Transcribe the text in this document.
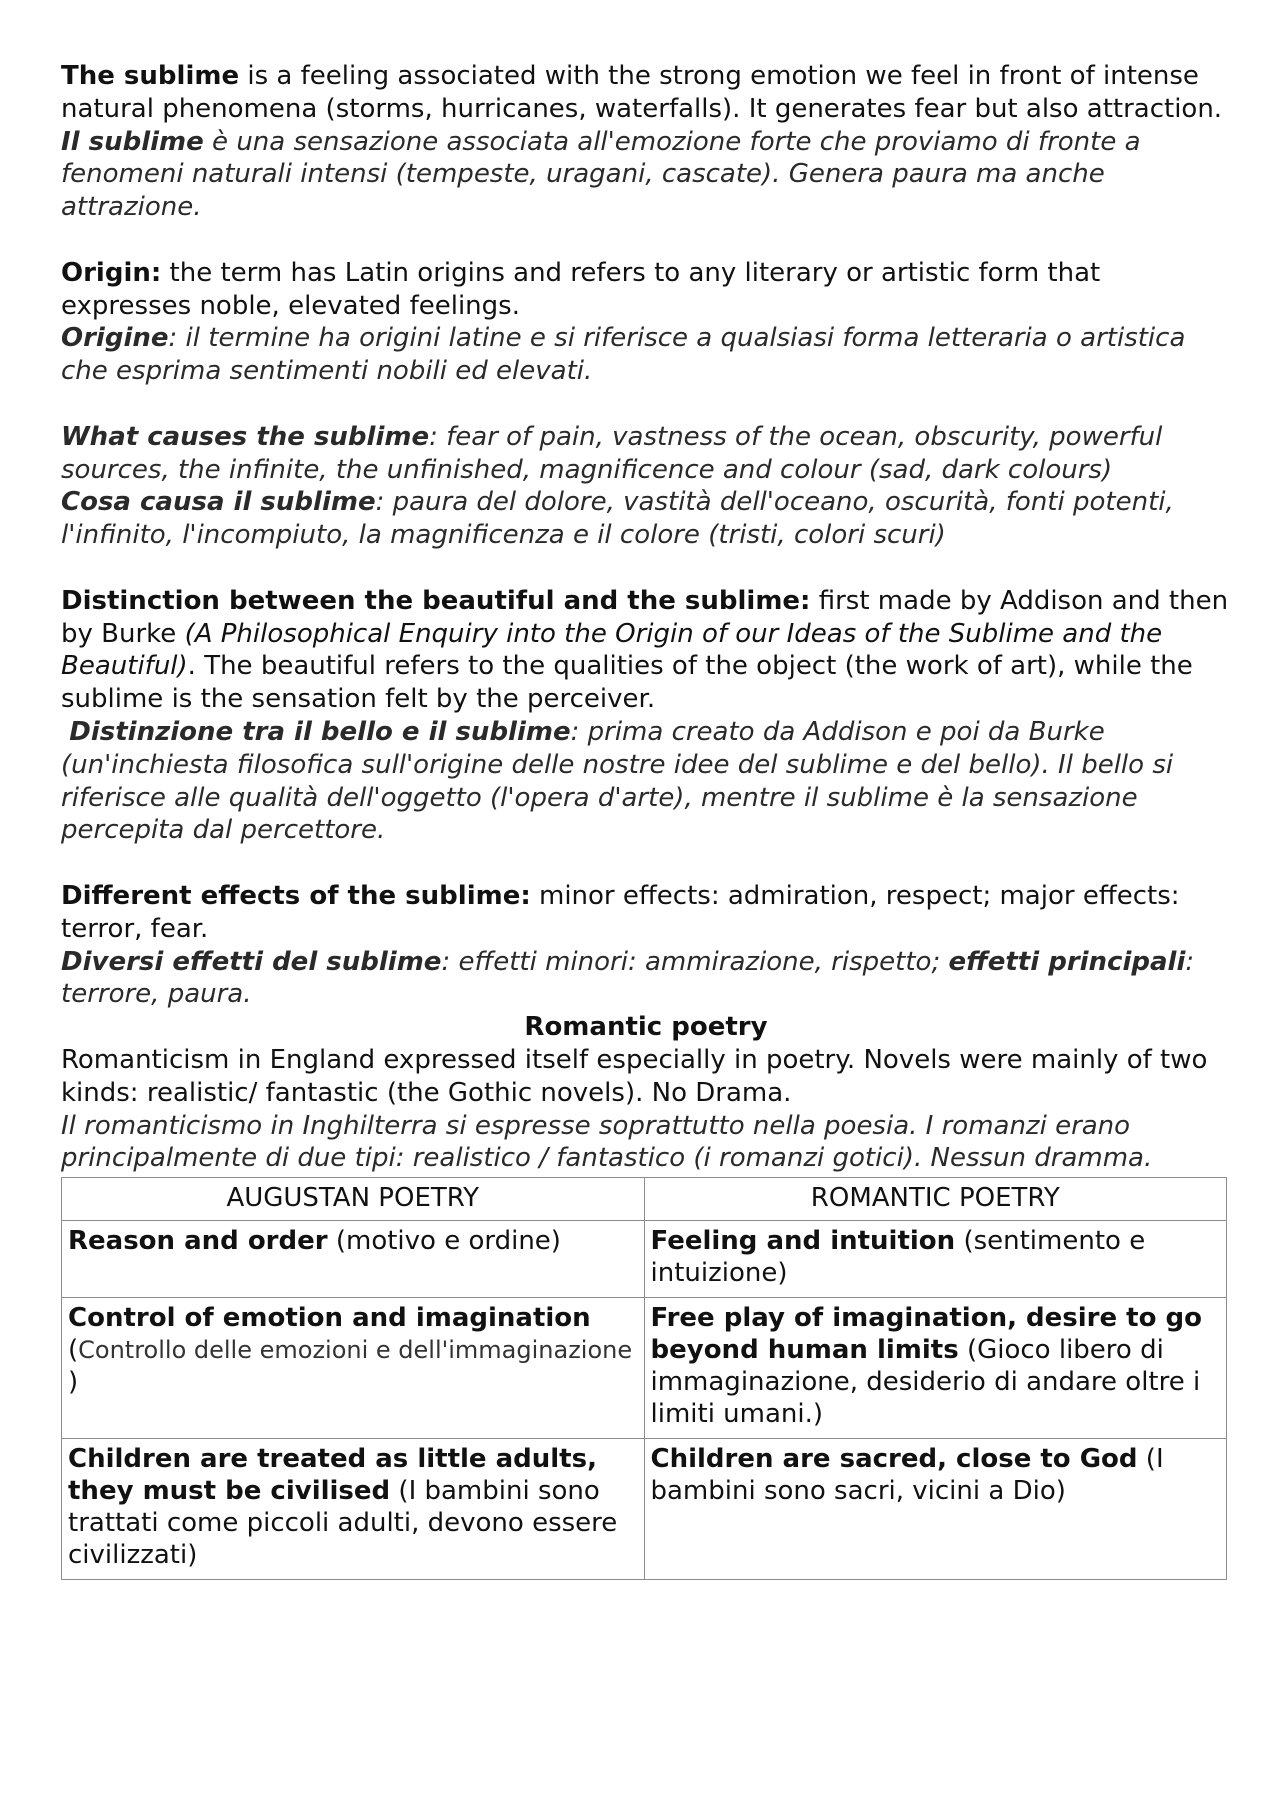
The sublime is a feeling associated with the strong emotion we feel in front of intense natural phenomena (storms, hurricanes, waterfalls). It generates fear but also attraction.

Il sublime è una sensazione associata all'emozione forte che proviamo di fronte a fenomeni naturali intensi (tempeste, uragani, cascate). Genera paura ma anche attrazione.

Origin: the term has Latin origins and refers to any literary or artistic form that expresses noble, elevated feelings.

Origine: il termine ha origini latine e si riferisce a qualsiasi forma letteraria o artistica che esprima sentimenti nobili ed elevati.

What causes the sublime: fear of pain, vastness of the ocean, obscurity, powerful sources, the infinite, the unfinished, magnificence and colour (sad, dark colours)

Cosa causa il sublime: paura del dolore, vastità dell'oceano, oscurità, fonti potenti, l'infinito, l'incompiuto, la magnificenza e il colore (tristi, colori scuri)

Distinction between the beautiful and the sublime: first made by Addison and then by Burke (A Philosophical Enquiry into the Origin of our Ideas of the Sublime and the Beautiful). The beautiful refers to the qualities of the object (the work of art), while the sublime is the sensation felt by the perceiver.

Distinzione tra il bello e il sublime: prima creato da Addison e poi da Burke (un'inchiesta filosofica sull'origine delle nostre idee del sublime e del bello). Il bello si riferisce alle qualità dell'oggetto (l'opera d'arte), mentre il sublime è la sensazione percepita dal percettore.

Different effects of the sublime: minor effects: admiration, respect; major effects: terror, fear.

Diversi effetti del sublime: effetti minori: ammirazione, rispetto; effetti principali: terrore, paura.

Romantic poetry

Romanticism in England expressed itself especially in poetry. Novels were mainly of two kinds: realistic/ fantastic (the Gothic novels). No Drama.

Il romanticismo in Inghilterra si espresse soprattutto nella poesia. I romanzi erano principalmente di due tipi: realistico / fantastico (i romanzi gotici). Nessun dramma.

AUGUSTAN POETRY	ROMANTIC POETRY
Reason and order (motivo e ordine)	Feeling and intuition (sentimento e intuizione)
Control of emotion and imagination
(Controllo delle emozioni e dell'immaginazione )	Free play of imagination, desire to go beyond human limits (Gioco libero di immaginazione, desiderio di andare oltre i limiti umani.)
Children are treated as little adults, they must be civilised (I bambini sono trattati come piccoli adulti, devono essere civilizzati)	Children are sacred, close to God (I bambini sono sacri, vicini a Dio)
